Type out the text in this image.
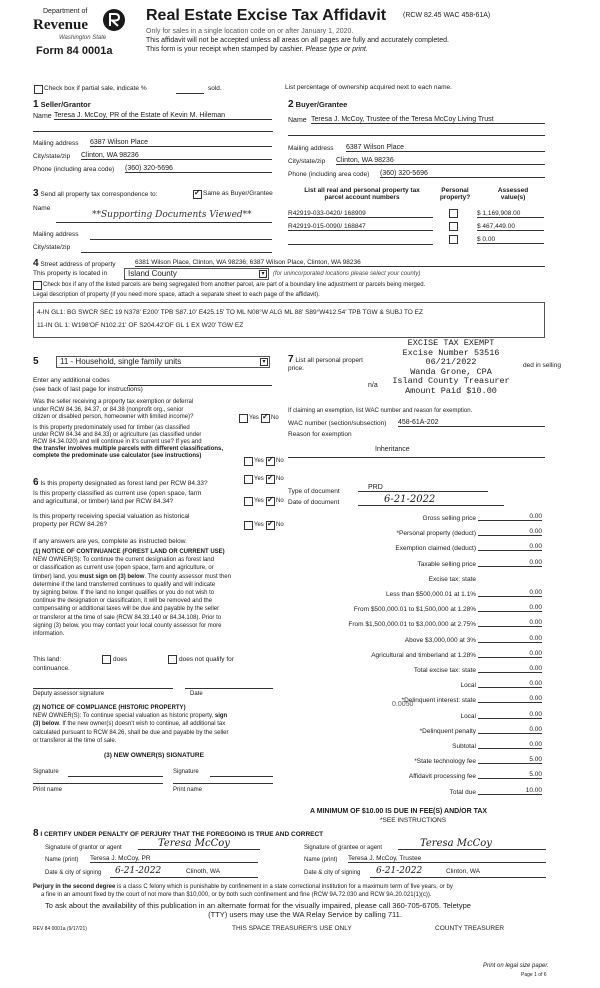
Department of
Revenue
Washington State
Form 84 0001a
Real Estate Excise Tax Affidavit (RCW 82.45 WAC 458-61A)
Only for sales in a single location code on or after January 1, 2020.
This affidavit will not be accepted unless all areas on all pages are fully and accurately completed.
This form is your receipt when stamped by cashier. Please type or print.
Check box if partial sale, indicate %	sold.	List percentage of ownership acquired next to each name.
1 Seller/Grantor
Name Teresa J. McCoy, PR of the Estate of Kevin M. Hileman
Mailing address 6387 Wilson Place
City/state/zip Clinton, WA 98236
Phone (including area code) (360) 320-5696
2 Buyer/Grantee
Name Teresa J. McCoy, Trustee of the Teresa McCoy Living Trust
Mailing address 6387 Wilson Place
City/state/zip Clinton, WA 98236
Phone (including area code) (360) 320-5696
3 Send all property tax correspondence to: ✓	Same as Buyer/Grantee
Name
**Supporting Documents Viewed**
Mailing address
City/state/zip
List all real and personal property tax
parcel account numbers
Personal
property?
Assessed
value(s)
R42919-033-0420/ 168909	$ 1,169,908.00
R42919-015-0090/ 168847	$ 467,449.00
$ 0.00
4 Street address of property	6381 Wilson Place, Clinton, WA 98236; 6387 Wilson Place, Clinton, WA 98236
This property is located in	Island County	▾	(for unincorporated locations please select your county)
Check box if any of the listed parcels are being segregated from another parcel, are part of a boundary line adjustment or parcels being merged.
Legal description of property (if you need more space, attach a separate sheet to each page of the affidavit).
4-IN GL1: BG SWCR SEC 19 N378' E200' TPB S87.10' E425.15' TO ML N08°W ALG ML 88' S89°W412.54' TPB TGW & SUBJ TO EZ
11-IN GL 1: W198'OF N102.21' OF S204.42'OF GL 1 EX W20' TGW EZ
EXCISE TAX EXEMPT
Excise Number 53516
06/21/2022
Wanda Grone, CPA
Island County Treasurer
Amount Paid $10.00
5	11 - Household, single family units	▾
Enter any additional codes
(see back of last page for instructions)
Was the seller receiving a property tax exemption or deferral
under RCW 84.36, 84.37, or 84.38 (nonprofit org., senior
citizen or disabled person, homeowner with limited income)?	Yes ✓ No
Is this property predominately used for timber (as classified
under RCW 84.34 and 84.33) or agriculture (as classified under
RCW 84.34.020) and will continue in it's current use? If yes and
the transfer involves multiple parcels with different classifications,
complete the predominate use calculator (see instructions)
Yes ✓ No
7 List all personal propert
price.	ded in selling
n/a
If claiming an exemption, list WAC number and reason for exemption.
WAC number (section/subsection) 458-61A-202
Reason for exemption
Inheritance
6 Is this property designated as forest land per RCW 84.33?
Yes ✓ No
Is this property classified as current use (open space, farm
and agricultural, or timber) land per RCW 84.34?	Yes ✓ No
Is this property receiving special valuation as historical
property per RCW 84.26?	Yes ✓ No
If any answers are yes, complete as instructed below.
(1) NOTICE OF CONTINUANCE (FOREST LAND OR CURRENT USE)
NEW OWNER(S): To continue the current designation as forest land
or classification as current use (open space, farm and agriculture, or
timber) land, you must sign on (3) below. The county assessor must then
determine if the land transferred continues to qualify and will indicate
by signing below. If the land no longer qualifies or you do not wish to
continue the designation or classification, it will be removed and the
compensating or additional taxes will be due and payable by the seller
or transferor at the time of sale (RCW 84.33.140 or 84.34.108). Prior to
signing (3) below, you may contact your local county assessor for more
information.
This land:	does	does not qualify for
continuance.
Deputy assessor signature	Date
(2) NOTICE OF COMPLIANCE (HISTORIC PROPERTY)
NEW OWNER(S): To continue special valuation as historic property, sign
(3) below. If the new owner(s) doesn't wish to continue, all additional tax
calculated pursuant to RCW 84.26, shall be due and payable by the seller
or transferor at the time of sale.
(3) NEW OWNER(S) SIGNATURE
Signature	Signature
Print name	Print name
Type of document
PRD
Date of document	6-21-2022
Gross selling price	0.00
*Personal property (deduct)	0.00
Exemption claimed (deduct)	0.00
Taxable selling price	0.00
Excise tax: state
Less than $500,000.01 at 1.1%	0.00
From $500,000.01 to $1,500,000 at 1.28%	0.00
From $1,500,000.01 to $3,000,000 at 2.75%	0.00
Above $3,000,000 at 3%	0.00
Agricultural and timberland at 1.28%	0.00
Total excise tax: state	0.00
Local	0.00
*Delinquent interest: state	0.00
Local	0.00
*Delinquent penalty	0.00
Subtotal	0.00
*State technology fee	5.00
Affidavit processing fee	5.00
Total due	10.00
0.0050
A MINIMUM OF $10.00 IS DUE IN FEE(S) AND/OR TAX
*SEE INSTRUCTIONS
8 I CERTIFY UNDER PENALTY OF PERJURY THAT THE FOREGOING IS TRUE AND CORRECT
Signature of grantor or agent	Teresa McCoy
Name (print) Teresa J. McCoy, PR
Date & city of signing 6-21-2022	Clinoth, WA
Signature of grantee or agent	Teresa McCoy
Name (print) Teresa J. McCoy, Trustee
Date & city of signing 6-21-2022	Clinton, WA
Perjury in the second degree is a class C felony which is punishable by confinement in a state correctional institution for a maximum term of five years, or by
a fine in an amount fixed by the court of not more than $10,000, or by both such confinement and fine (RCW 9A.72.030 and RCW 9A.20.021(1)(c)).
To ask about the availability of this publication in an alternate format for the visually impaired, please call 360-705-6705. Teletype
(TTY) users may use the WA Relay Service by calling 711.
REV 84 0001a (9/17/21)	THIS SPACE TREASURER'S USE ONLY	COUNTY TREASURER
Print on legal size paper.
Page 1 of 6
